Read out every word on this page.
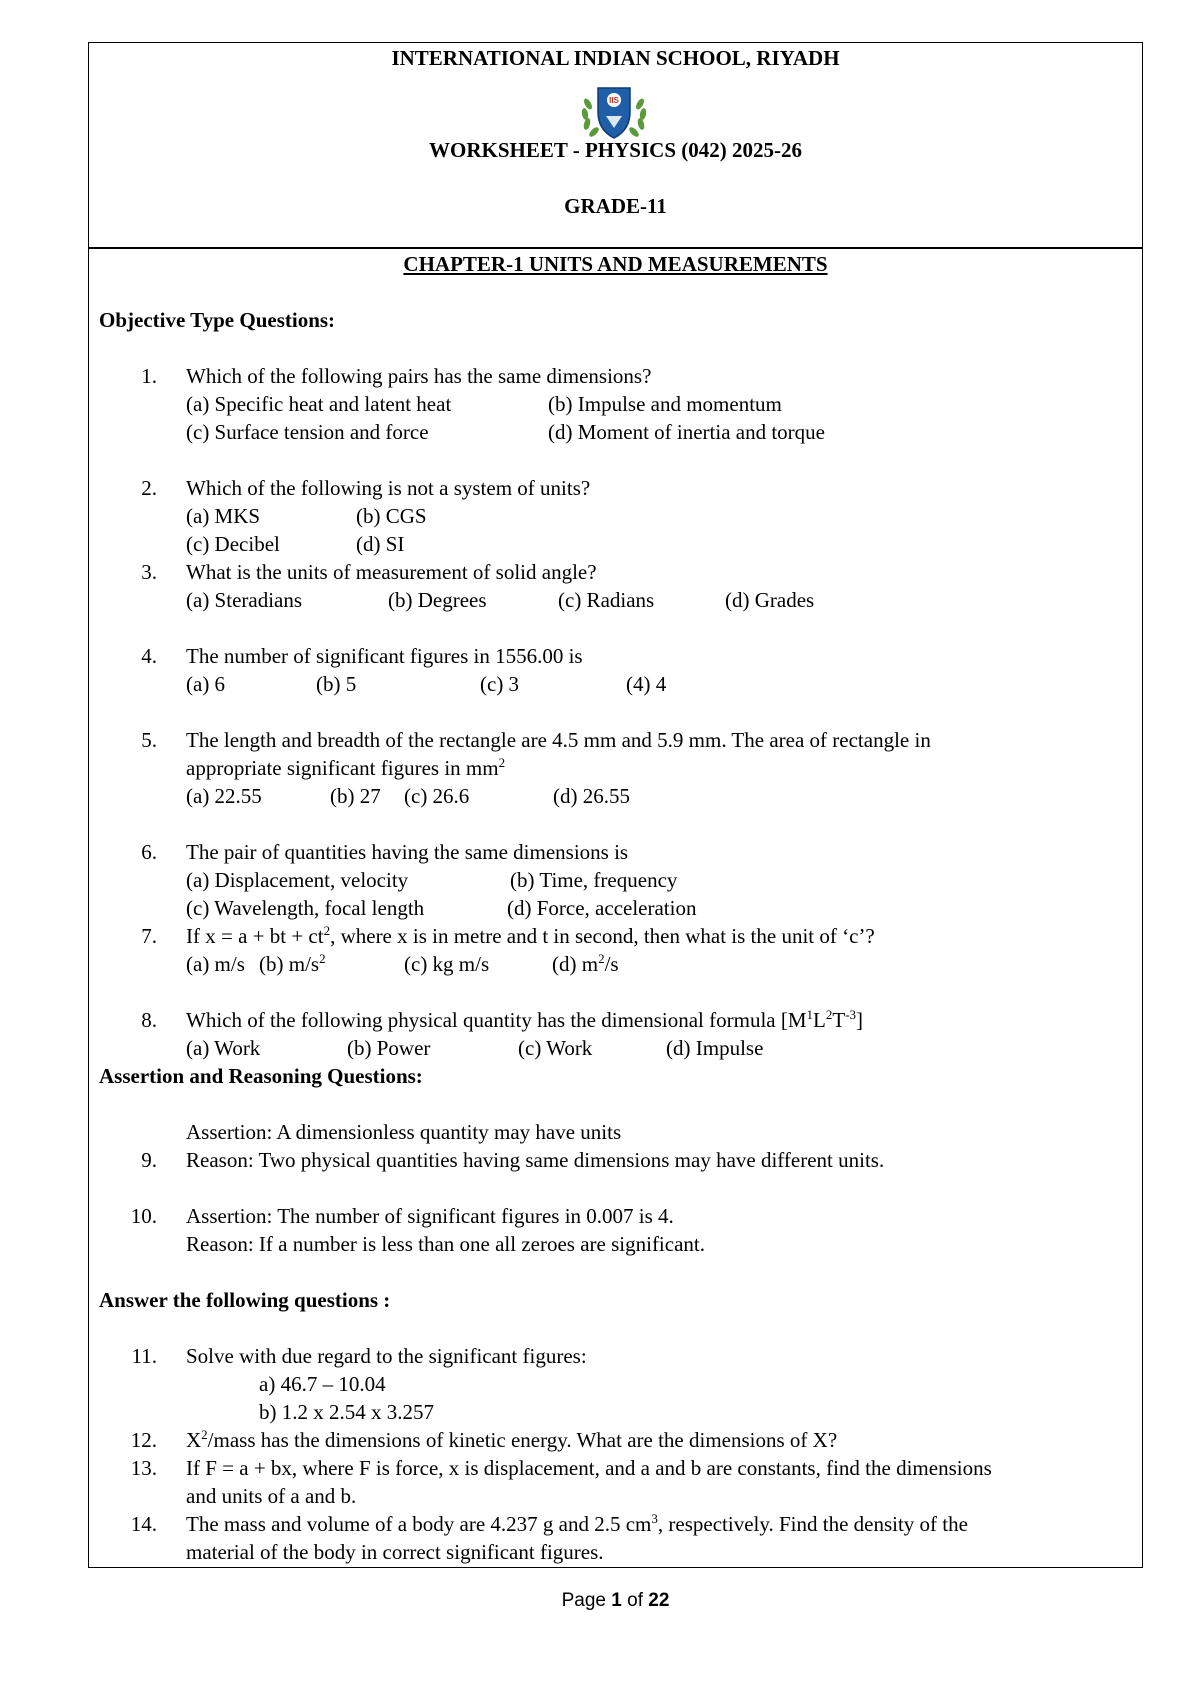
INTERNATIONAL INDIAN SCHOOL, RIYADH
IIS
WORKSHEET - PHYSICS (042) 2025-26
GRADE-11
CHAPTER-1 UNITS AND MEASUREMENTS
Objective Type Questions:
1. Which of the following pairs has the same dimensions?
(a) Specific heat and latent heat	(b) Impulse and momentum
(c) Surface tension and force	(d) Moment of inertia and torque
2. Which of the following is not a system of units?
(a) MKS	(b) CGS
(c) Decibel	(d) SI
3. What is the units of measurement of solid angle?
(a) Steradians	(b) Degrees	(c) Radians	(d) Grades
4. The number of significant figures in 1556.00 is
(a) 6	(b) 5	(c) 3	(4) 4
5. The length and breadth of the rectangle are 4.5 mm and 5.9 mm. The area of rectangle in
appropriate significant figures in $mm^2$
(a) 22.55	(b) 27 (c) 26.6	(d) 26.55
6. The pair of quantities having the same dimensions is
(a) Displacement, velocity	(b) Time, frequency
(c) Wavelength, focal length	(d) Force, acceleration
7. If x = a + bt + $ct^2$, where x is in metre and t in second, then what is the unit of ‘c’?
(a) m/s (b) $m/s^2$	(c) kg m/s	(d) $m^2/s$
8. Which of the following physical quantity has the dimensional formula $[M^1L^2T^{-3}]$
(a) Work	(b) Power	(c) Work	(d) Impulse
Assertion and Reasoning Questions:
Assertion: A dimensionless quantity may have units
9. Reason: Two physical quantities having same dimensions may have different units.
10. Assertion: The number of significant figures in 0.007 is 4.
Reason: If a number is less than one all zeroes are significant.
Answer the following questions :
11. Solve with due regard to the significant figures:
a) 46.7 – 10.04
b) 1.2 x 2.54 x 3.257
12. $X^2$/mass has the dimensions of kinetic energy. What are the dimensions of X?
13. If F = a + bx, where F is force, x is displacement, and a and b are constants, find the dimensions
and units of a and b.
14. The mass and volume of a body are 4.237 g and 2.5 $cm^3$, respectively. Find the density of the
material of the body in correct significant figures.
Page 1 of 22
